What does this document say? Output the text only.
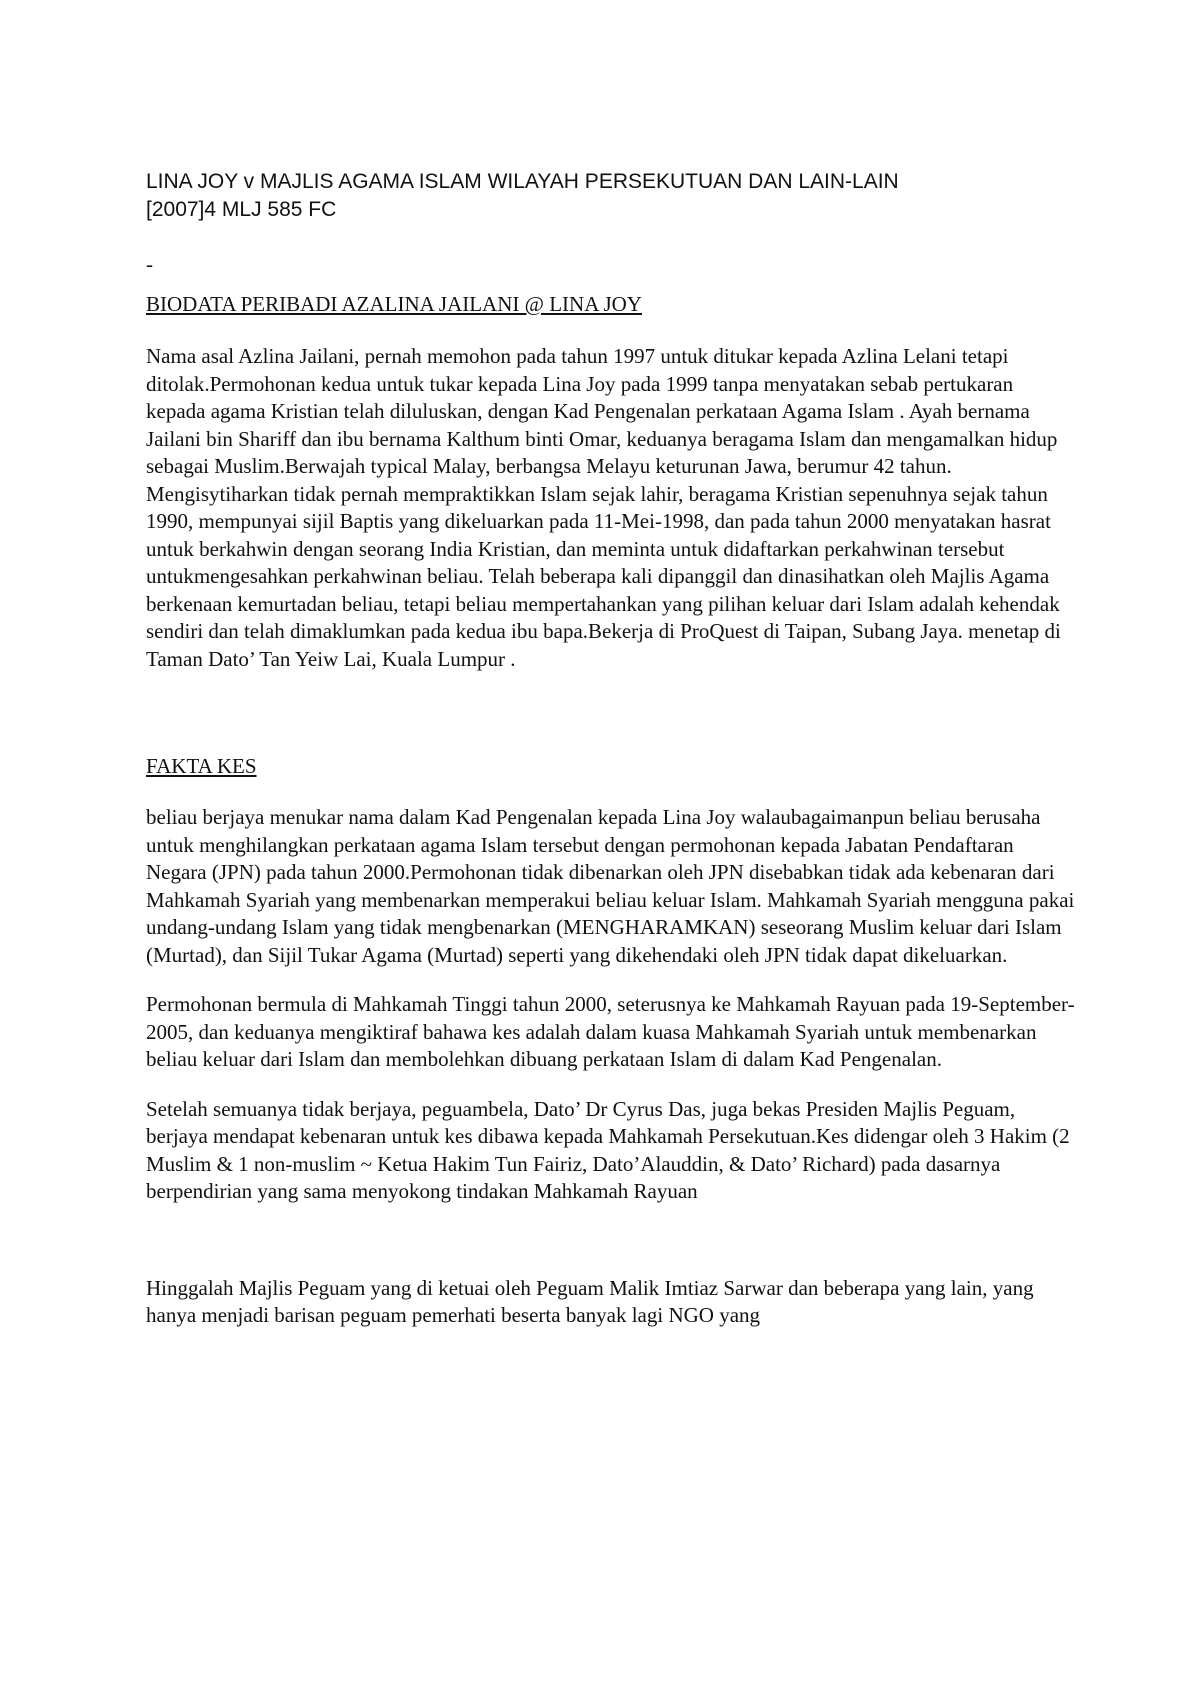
LINA JOY v MAJLIS AGAMA ISLAM WILAYAH PERSEKUTUAN DAN LAIN-LAIN
[2007]4 MLJ 585 FC

-

BIODATA PERIBADI AZALINA JAILANI @ LINA JOY

Nama asal Azlina Jailani, pernah memohon pada tahun 1997 untuk ditukar kepada Azlina Lelani tetapi ditolak.Permohonan kedua untuk tukar kepada Lina Joy pada 1999 tanpa menyatakan sebab pertukaran kepada agama Kristian telah diluluskan, dengan Kad Pengenalan perkataan Agama Islam . Ayah bernama Jailani bin Shariff dan ibu bernama Kalthum binti Omar, keduanya beragama Islam dan mengamalkan hidup sebagai Muslim.Berwajah typical Malay, berbangsa Melayu keturunan Jawa, berumur 42 tahun. Mengisytiharkan tidak pernah mempraktikkan Islam sejak lahir, beragama Kristian sepenuhnya sejak tahun 1990, mempunyai sijil Baptis yang dikeluarkan pada 11-Mei-1998, dan pada tahun 2000 menyatakan hasrat untuk berkahwin dengan seorang India Kristian, dan meminta untuk didaftarkan perkahwinan tersebut untukmengesahkan perkahwinan beliau. Telah beberapa kali dipanggil dan dinasihatkan oleh Majlis Agama berkenaan kemurtadan beliau, tetapi beliau mempertahankan yang pilihan keluar dari Islam adalah kehendak sendiri dan telah dimaklumkan pada kedua ibu bapa.Bekerja di ProQuest di Taipan, Subang Jaya. menetap di Taman Dato’ Tan Yeiw Lai, Kuala Lumpur .

FAKTA KES

beliau berjaya menukar nama dalam Kad Pengenalan kepada Lina Joy walaubagaimanpun beliau berusaha untuk menghilangkan perkataan agama Islam tersebut dengan permohonan kepada Jabatan Pendaftaran Negara (JPN) pada tahun 2000.Permohonan tidak dibenarkan oleh JPN disebabkan tidak ada kebenaran dari Mahkamah Syariah yang membenarkan memperakui beliau keluar Islam. Mahkamah Syariah mengguna pakai undang-undang Islam yang tidak mengbenarkan (MENGHARAMKAN) seseorang Muslim keluar dari Islam (Murtad), dan Sijil Tukar Agama (Murtad) seperti yang dikehendaki oleh JPN tidak dapat dikeluarkan.

Permohonan bermula di Mahkamah Tinggi tahun 2000, seterusnya ke Mahkamah Rayuan pada 19-September-2005, dan keduanya mengiktiraf bahawa kes adalah dalam kuasa Mahkamah Syariah untuk membenarkan beliau keluar dari Islam dan membolehkan dibuang perkataan Islam di dalam Kad Pengenalan.

Setelah semuanya tidak berjaya, peguambela, Dato’ Dr Cyrus Das, juga bekas Presiden Majlis Peguam, berjaya mendapat kebenaran untuk kes dibawa kepada Mahkamah Persekutuan.Kes didengar oleh 3 Hakim (2 Muslim & 1 non-muslim ~ Ketua Hakim Tun Fairiz, Dato’Alauddin, & Dato’ Richard) pada dasarnya berpendirian yang sama menyokong tindakan Mahkamah Rayuan

Hinggalah Majlis Peguam yang di ketuai oleh Peguam Malik Imtiaz Sarwar dan beberapa yang lain, yang hanya menjadi barisan peguam pemerhati beserta banyak lagi NGO yang
